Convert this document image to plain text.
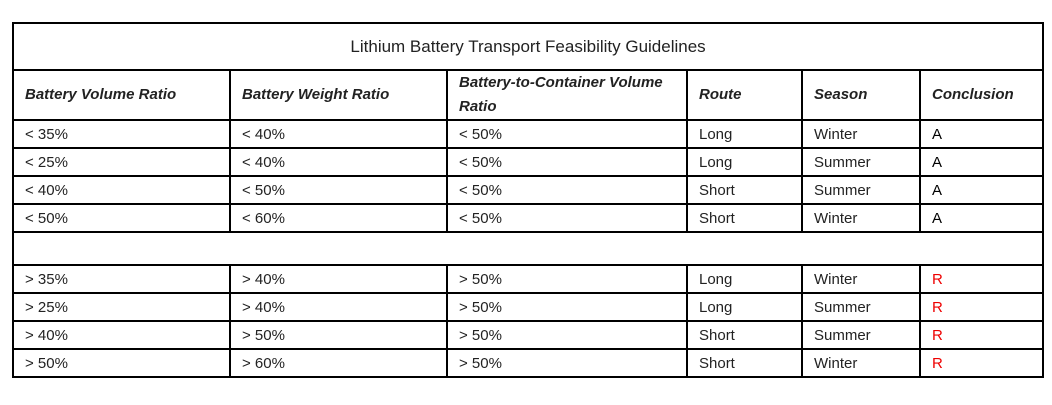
Lithium Battery Transport Feasibility Guidelines					
Battery Volume Ratio	Battery Weight Ratio	Battery-to-Container Volume Ratio	Route	Season	Conclusion
< 35%	< 40%	< 50%	Long	Winter	A
< 25%	< 40%	< 50%	Long	Summer	A
< 40%	< 50%	< 50%	Short	Summer	A
< 50%	< 60%	< 50%	Short	Winter	A

> 35%	> 40%	> 50%	Long	Winter	R
> 25%	> 40%	> 50%	Long	Summer	R
> 40%	> 50%	> 50%	Short	Summer	R
> 50%	> 60%	> 50%	Short	Winter	R
